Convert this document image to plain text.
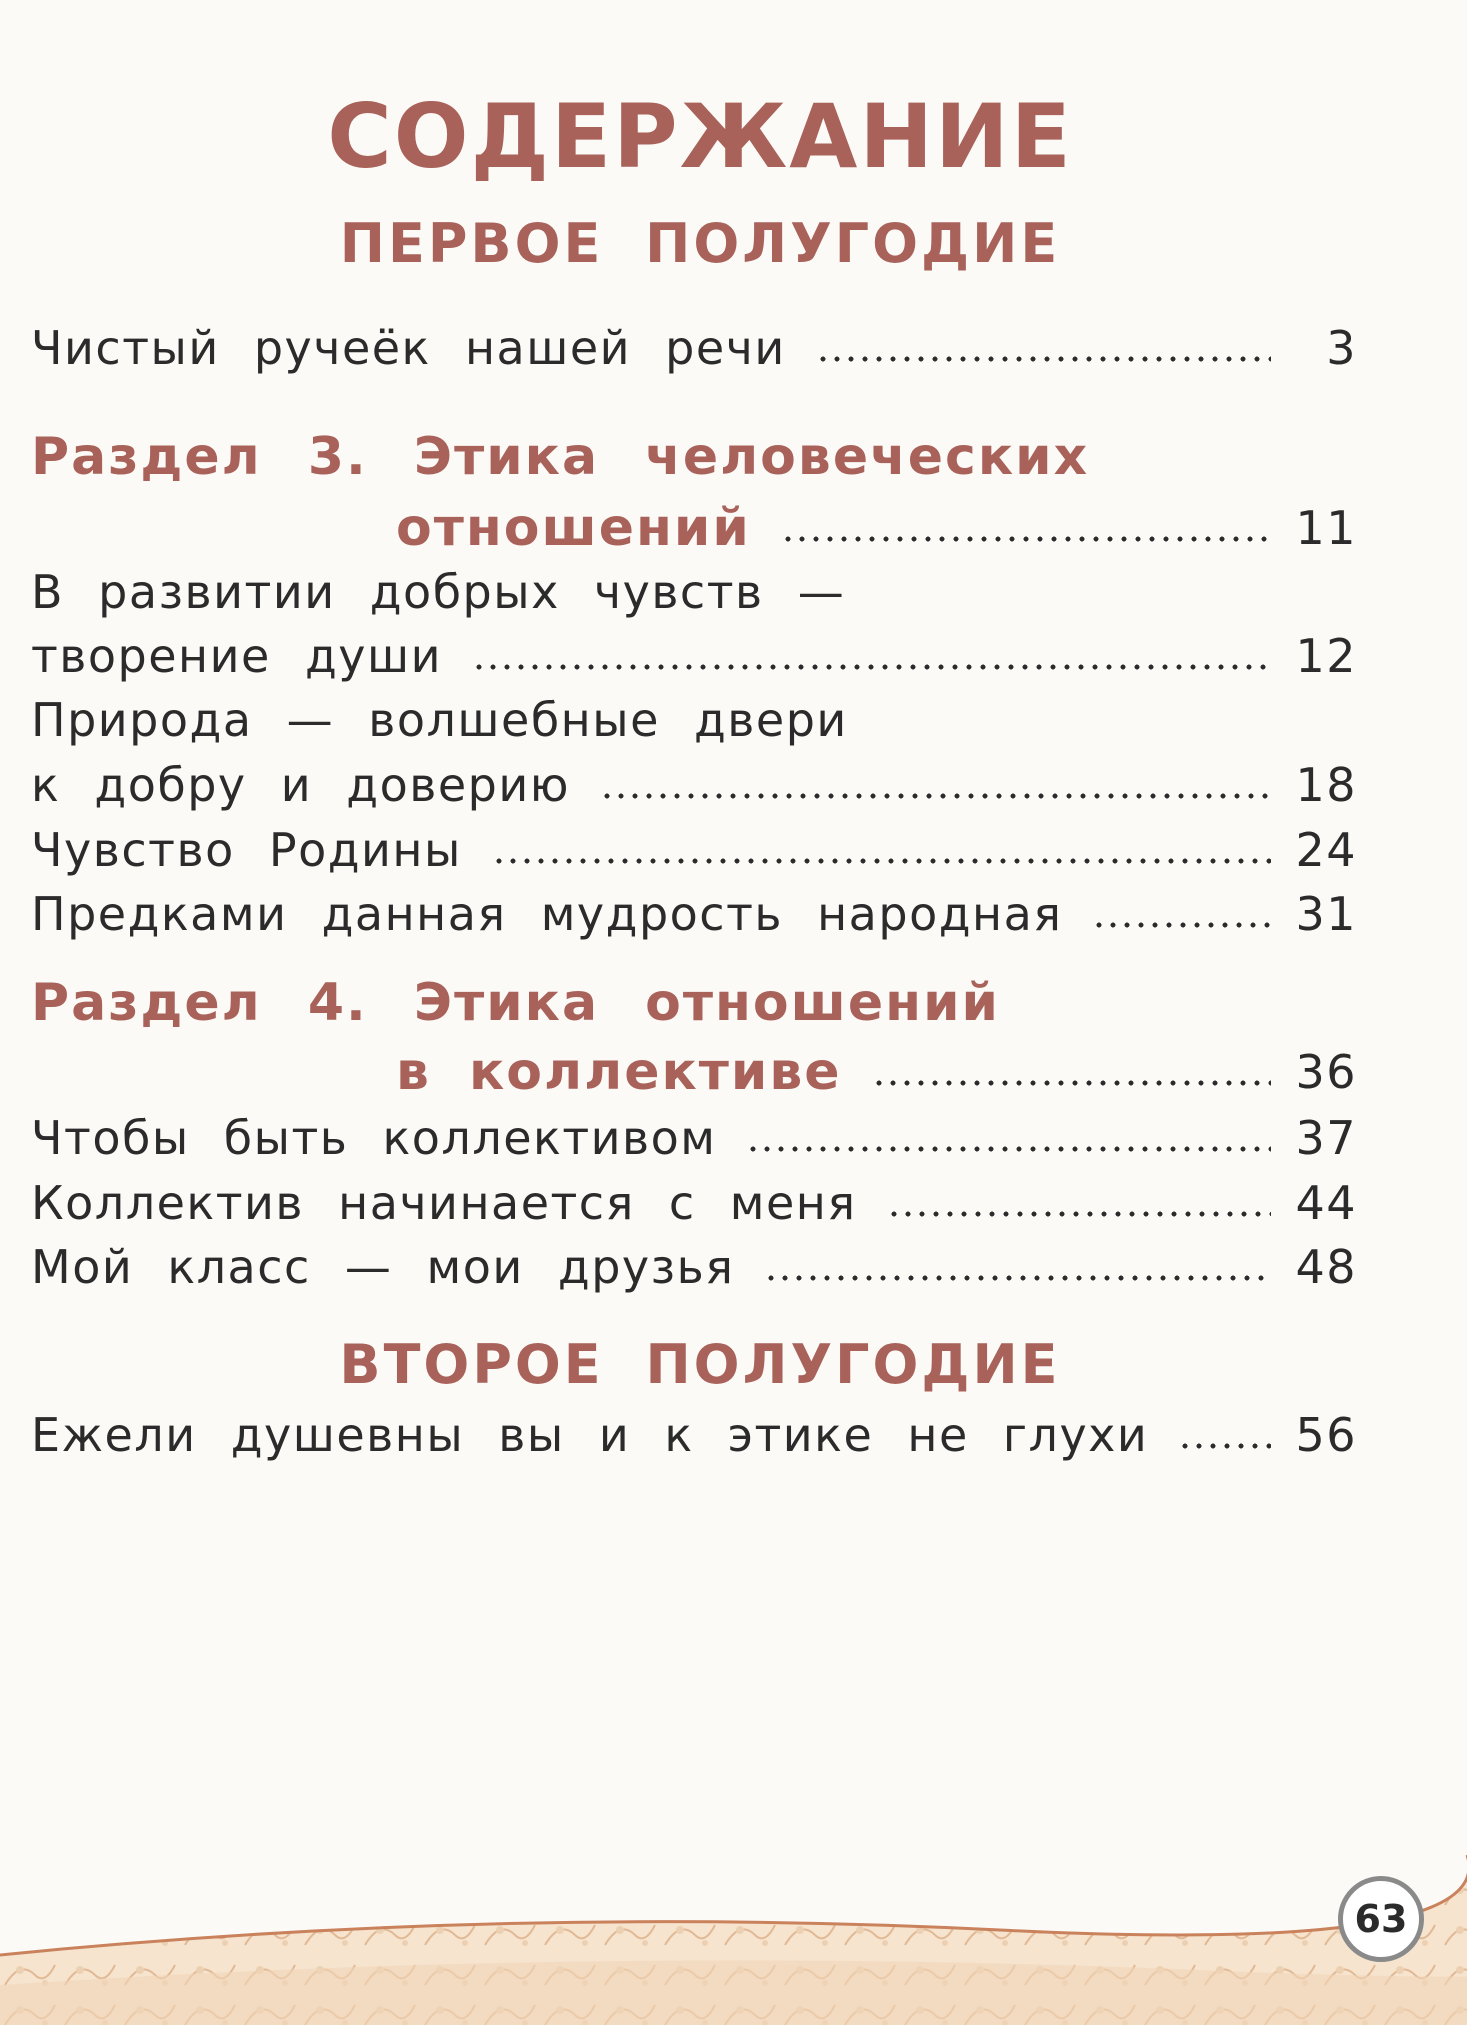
СОДЕРЖАНИЕ
ПЕРВОЕ ПОЛУГОДИЕ
Чистый ручеёк нашей речи	3
Раздел 3. Этика человеческих
отношений	11
В развитии добрых чувств —
творение души	12
Природа — волшебные двери
к добру и доверию	18
Чувство Родины	24
Предками данная мудрость народная	31
Раздел 4. Этика отношений
в коллективе	36
Чтобы быть коллективом	37
Коллектив начинается с меня	44
Мой класс — мои друзья	48
ВТОРОЕ ПОЛУГОДИЕ
Ежели душевны вы и к этике не глухи	56
63
